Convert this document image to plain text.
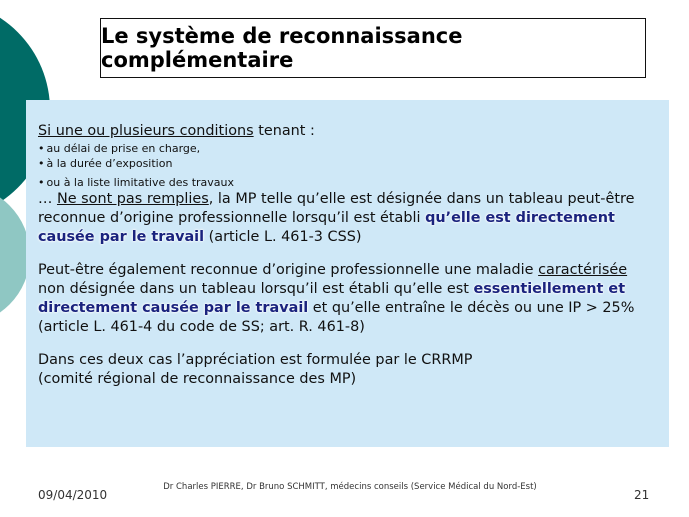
Le système de reconnaissance complémentaire
Si une ou plusieurs conditions tenant :
• au délai de prise en charge,
• à la durée d’exposition
• ou à la liste limitative des travaux
… Ne sont pas remplies, la MP telle qu’elle est désignée dans un tableau peut-être reconnue d’origine professionnelle lorsqu’il est établi qu’elle est directement causée par le travail (article L. 461-3 CSS)
Peut-être également reconnue d’origine professionnelle une maladie caractérisée non désignée dans un tableau lorsqu’il est établi qu’elle est essentiellement et directement causée par le travail et qu’elle entraîne le décès ou une IP > 25%
(article L. 461-4 du code de SS; art. R. 461-8)
Dans ces deux cas l’appréciation est formulée par le CRRMP
(comité régional de reconnaissance des MP)
09/04/2010
Dr Charles PIERRE, Dr Bruno SCHMITT, médecins conseils (Service Médical du Nord-Est)
21
